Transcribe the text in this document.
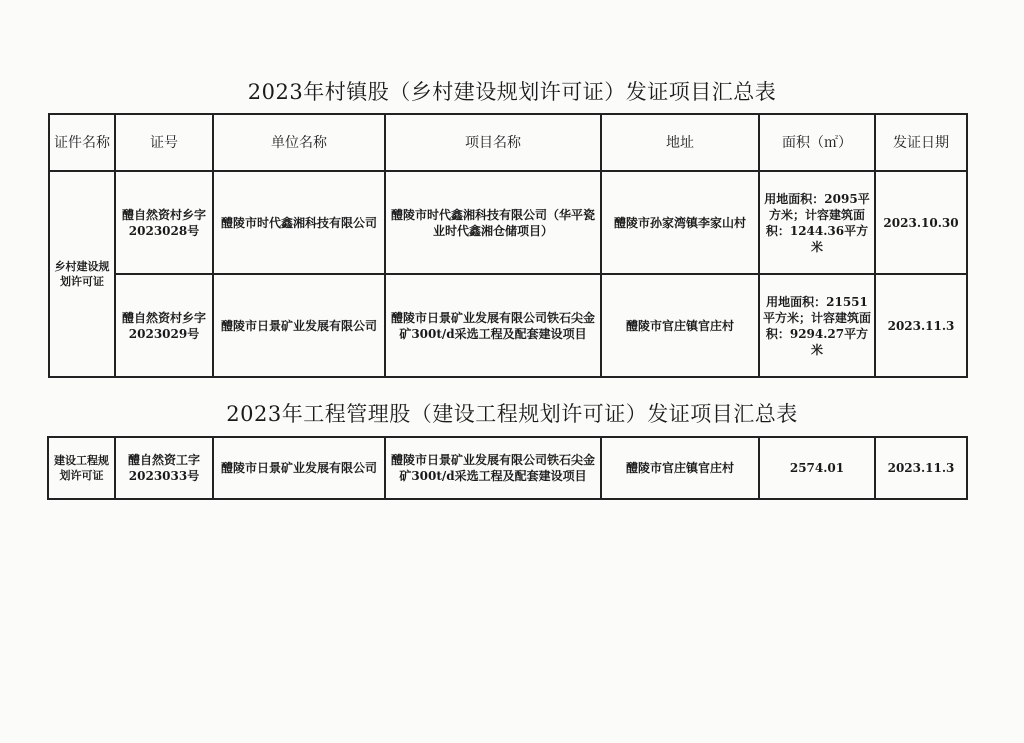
2023年村镇股（乡村建设规划许可证）发证项目汇总表
证件名称	证号	单位名称	项目名称	地址	面积（㎡）	发证日期
乡村建设规划许可证	醴自然资村乡字2023028号	醴陵市时代鑫湘科技有限公司	醴陵市时代鑫湘科技有限公司（华平瓷业时代鑫湘仓储项目）	醴陵市孙家湾镇李家山村	用地面积：2095平方米；计容建筑面积：1244.36平方米	2023.10.30
	醴自然资村乡字2023029号	醴陵市日景矿业发展有限公司	醴陵市日景矿业发展有限公司铁石尖金矿300t/d采选工程及配套建设项目	醴陵市官庄镇官庄村	用地面积：21551平方米；计容建筑面积：9294.27平方米	2023.11.3
2023年工程管理股（建设工程规划许可证）发证项目汇总表
建设工程规划许可证	醴自然资工字2023033号	醴陵市日景矿业发展有限公司	醴陵市日景矿业发展有限公司铁石尖金矿300t/d采选工程及配套建设项目	醴陵市官庄镇官庄村	2574.01	2023.11.3
